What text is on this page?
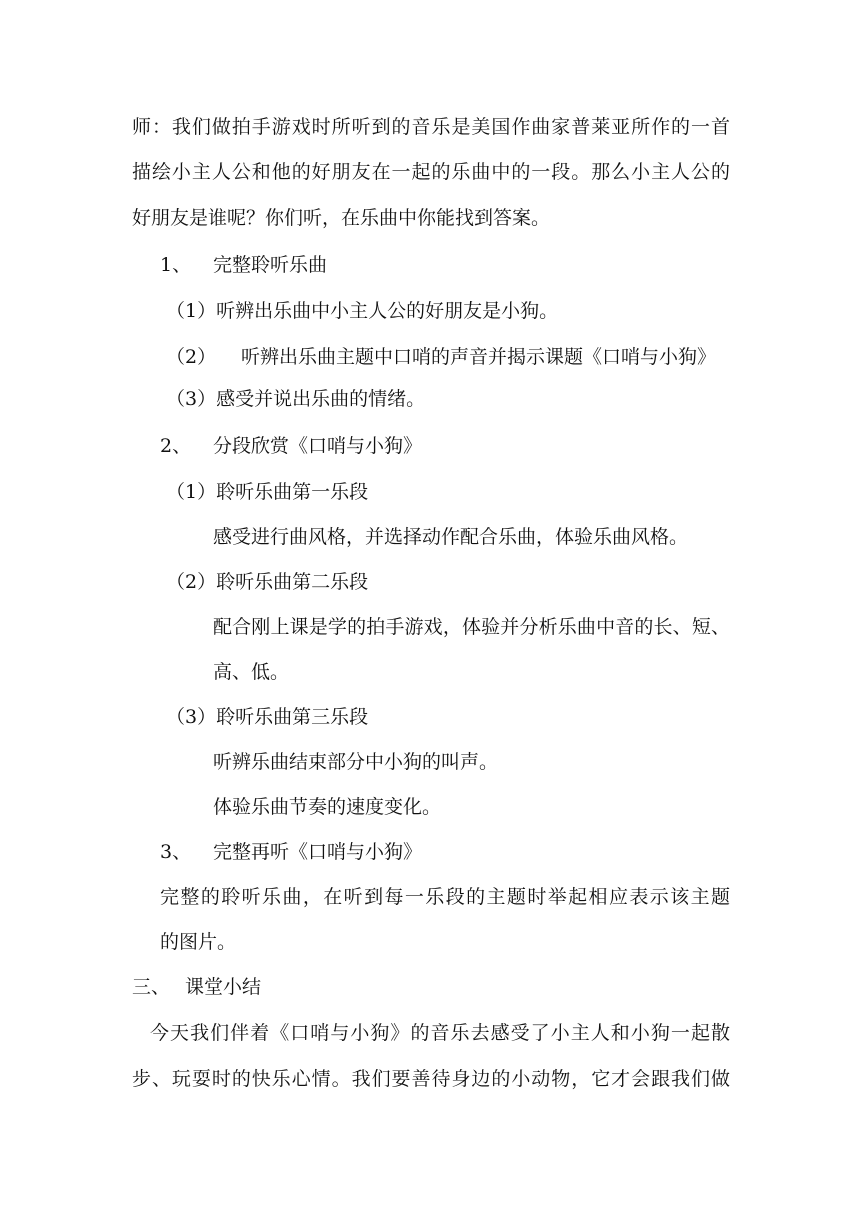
师：我们做拍手游戏时所听到的音乐是美国作曲家普莱亚所作的一首
描绘小主人公和他的好朋友在一起的乐曲中的一段。那么小主人公的
好朋友是谁呢？你们听，在乐曲中你能找到答案。
1、 完整聆听乐曲
（1）听辨出乐曲中小主人公的好朋友是小狗。
（2） 听辨出乐曲主题中口哨的声音并揭示课题《口哨与小狗》
（3）感受并说出乐曲的情绪。
2、 分段欣赏《口哨与小狗》
（1）聆听乐曲第一乐段
感受进行曲风格，并选择动作配合乐曲，体验乐曲风格。
（2）聆听乐曲第二乐段
配合刚上课是学的拍手游戏，体验并分析乐曲中音的长、短、
高、低。
（3）聆听乐曲第三乐段
听辨乐曲结束部分中小狗的叫声。
体验乐曲节奏的速度变化。
3、 完整再听《口哨与小狗》
完整的聆听乐曲，在听到每一乐段的主题时举起相应表示该主题
的图片。
三、 课堂小结
今天我们伴着《口哨与小狗》的音乐去感受了小主人和小狗一起散
步、玩耍时的快乐心情。我们要善待身边的小动物，它才会跟我们做
